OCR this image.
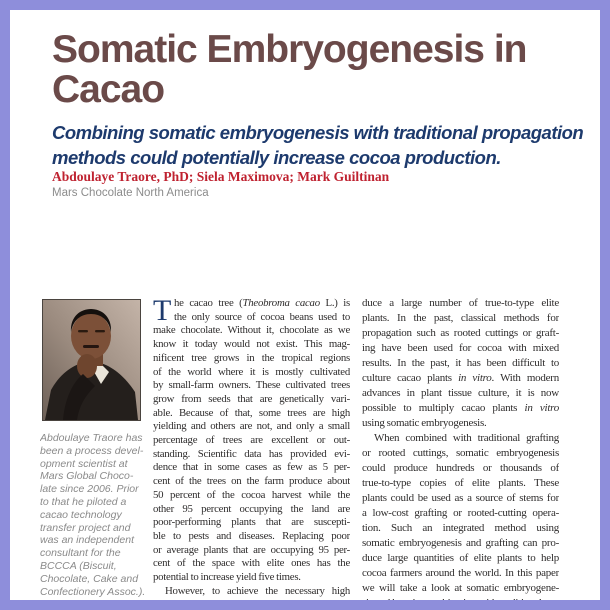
Somatic Embryogenesis in
Cacao
Combining somatic embryogenesis with traditional propagation
methods could potentially increase cocoa production.
Abdoulaye Traore, PhD; Siela Maximova; Mark Guiltinan
Mars Chocolate North America
Abdoulaye Traore has
been a process devel-
opment scientist at
Mars Global Choco-
late since 2006. Prior
to that he piloted a
cacao technology
transfer project and
was an independent
consultant for the
BCCCA (Biscuit,
Chocolate, Cake and
Confectionery Assoc.).
T he cacao tree (Theobroma cacao L.) is
the only source of cocoa beans used to
make chocolate. Without it, chocolate as we
know it today would not exist. This mag-
nificent tree grows in the tropical regions
of the world where it is mostly cultivated
by small-farm owners. These cultivated trees
grow from seeds that are genetically vari-
able. Because of that, some trees are high
yielding and others are not, and only a small
percentage of trees are excellent or out-
standing. Scientific data has provided evi-
dence that in some cases as few as 5 per-
cent of the trees on the farm produce about
50 percent of the cocoa harvest while the
other 95 percent occupying the land are
poor-performing plants that are suscepti-
ble to pests and diseases. Replacing poor
or average plants that are occupying 95 per-
cent of the space with elite ones has the
potential to increase yield five times.
However, to achieve the necessary high
duce a large number of true-to-type elite
plants. In the past, classical methods for
propagation such as rooted cuttings or graft-
ing have been used for cocoa with mixed
results. In the past, it has been difficult to
culture cacao plants in vitro. With modern
advances in plant tissue culture, it is now
possible to multiply cacao plants in vitro
using somatic embryogenesis.
When combined with traditional grafting
or rooted cuttings, somatic embryogenesis
could produce hundreds or thousands of
true-to-type copies of elite plants. These
plants could be used as a source of stems for
a low-cost grafting or rooted-cutting opera-
tion. Such an integrated method using
somatic embryogenesis and grafting can pro-
duce large quantities of elite plants to help
cocoa farmers around the world. In this paper
we will take a look at somatic embryogene-
sis and how its combination with traditional
